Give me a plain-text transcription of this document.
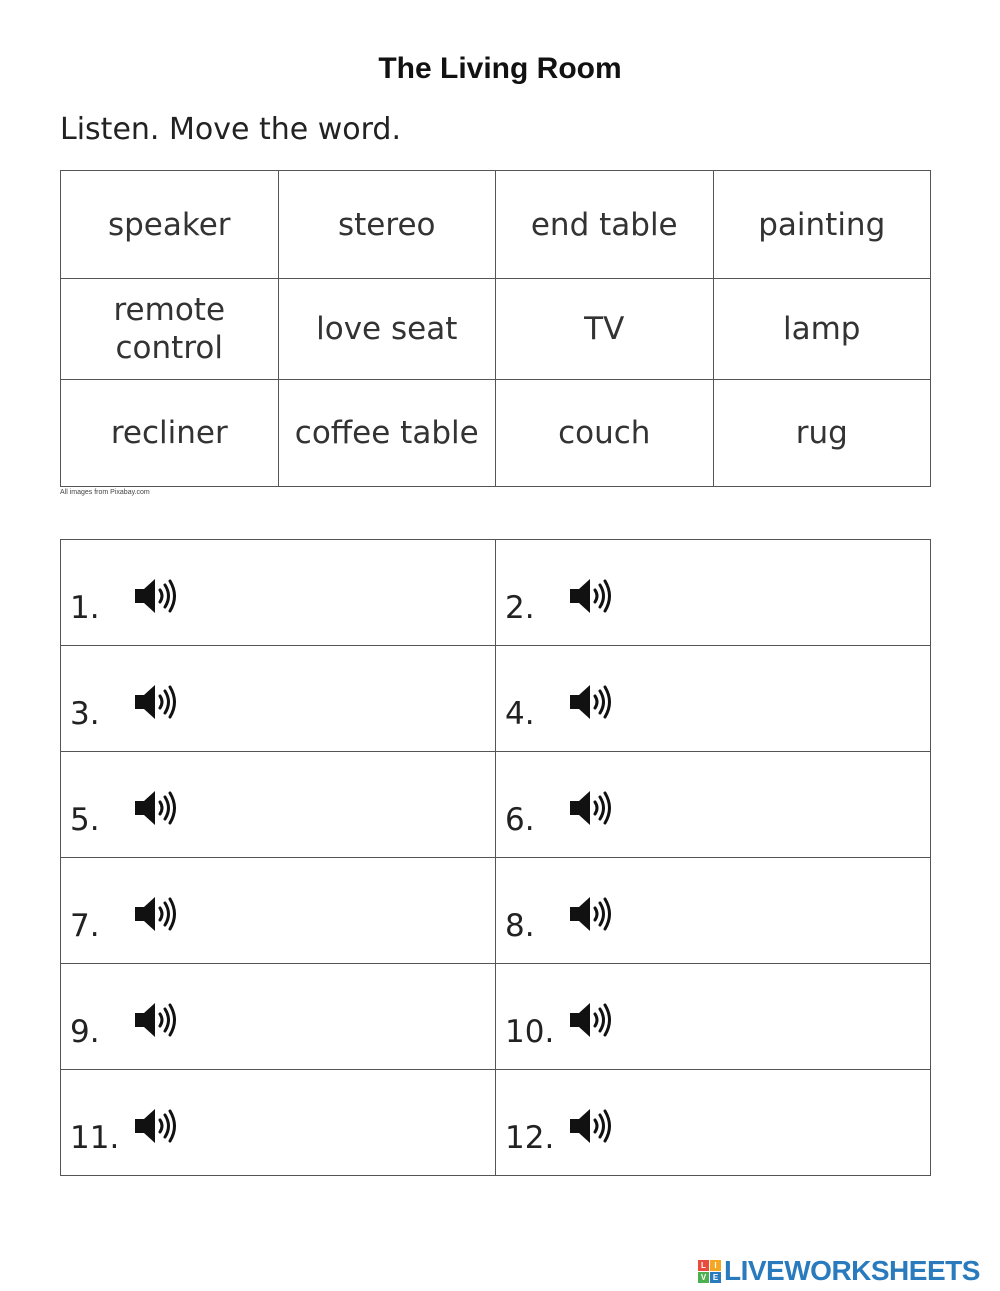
The Living Room
Listen. Move the word.
speaker	stereo	end table	painting
remote control	love seat	TV	lamp
recliner	coffee table	couch	rug
All images from Pixabay.com
1.	2.

3.	4.

5.	6.

7.	8.

9.	10.

11.	12.
L	I
V E LIVEWORKSHEETS
